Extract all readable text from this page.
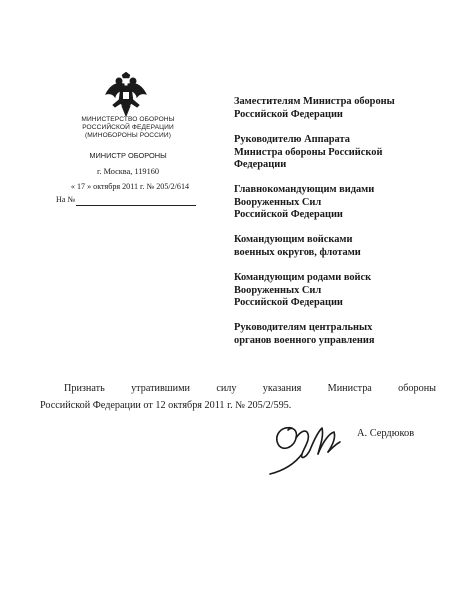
МИНИСТЕРСТВО ОБОРОНЫ
РОССИЙСКОЙ ФЕДЕРАЦИИ
(МИНОБОРОНЫ РОССИИ)
МИНИСТР ОБОРОНЫ
г. Москва, 119160
« 17 » октября 2011 г. № 205/2/614
На №
Заместителям Министра обороны
Российской Федерации
Руководителю Аппарата
Министра обороны Российской
Федерации
Главнокомандующим видами
Вооруженных Сил
Российской Федерации
Командующим войсками
военных округов, флотами
Командующим родами войск
Вооруженных Сил
Российской Федерации
Руководителям центральных
органов военного управления
Признать утратившими силу указания Министра обороны
Российской Федерации от 12 октября 2011 г. № 205/2/595.
А. Сердюков
